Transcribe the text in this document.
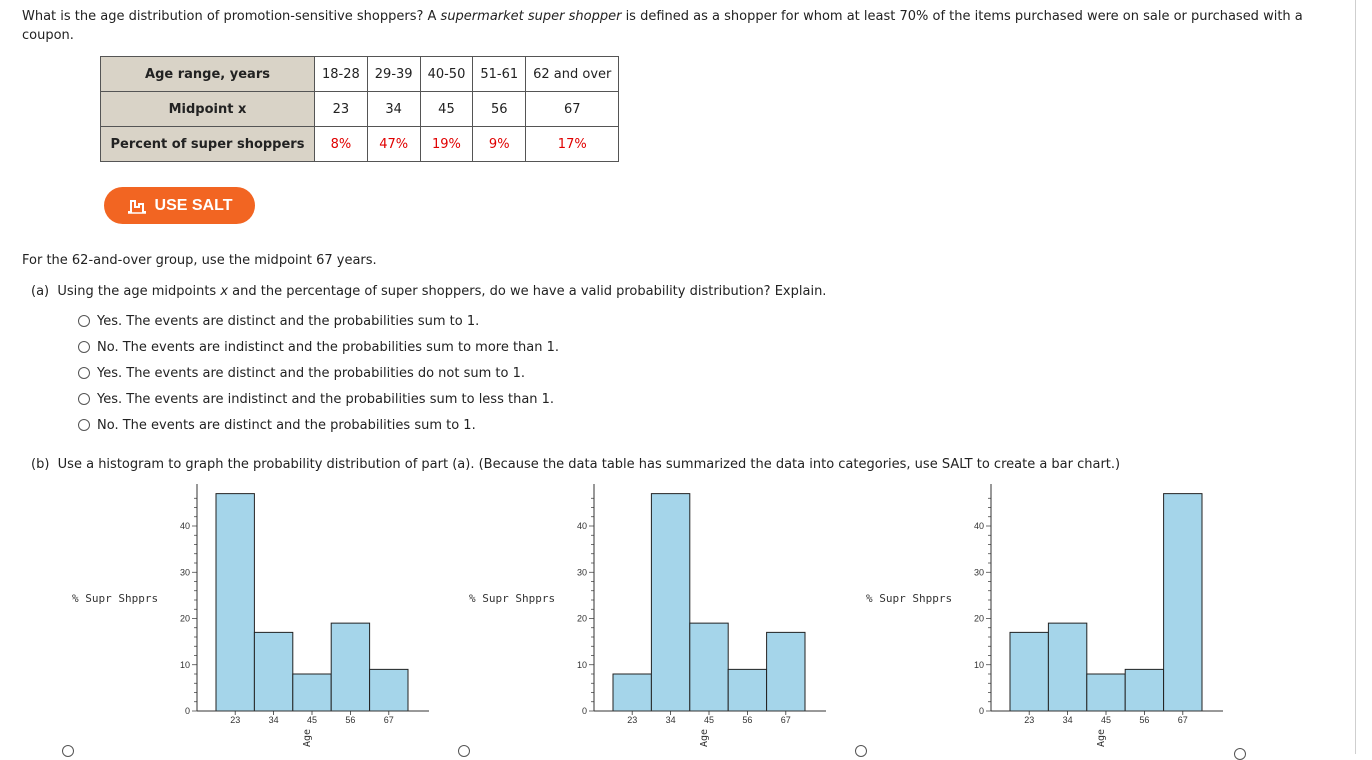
What is the age distribution of promotion-sensitive shoppers? A supermarket super shopper is defined as a shopper for whom at least 70% of the items purchased were on sale or purchased with a coupon.
Age range, years	18-28	29-39	40-50	51-61	62 and over
Midpoint x	23	34	45	56	67
Percent of super shoppers	8%	47%	19%	9%	17%
USE SALT
For the 62-and-over group, use the midpoint 67 years.
(a) Using the age midpoints x and the percentage of super shoppers, do we have a valid probability distribution? Explain.
Yes. The events are distinct and the probabilities sum to 1.
No. The events are indistinct and the probabilities sum to more than 1.
Yes. The events are distinct and the probabilities do not sum to 1.
Yes. The events are indistinct and the probabilities sum to less than 1.
No. The events are distinct and the probabilities sum to 1.
(b) Use a histogram to graph the probability distribution of part (a). (Because the data table has summarized the data into categories, use SALT to create a bar chart.)
0
10
20
30
40
23	34	45	56	67
% Supr Shpprs
Age
0
10
20
30
40
23	34	45	56	67
% Supr Shpprs
Age
0
10
20
30
40
23	34	45	56	67
% Supr Shpprs
Age
